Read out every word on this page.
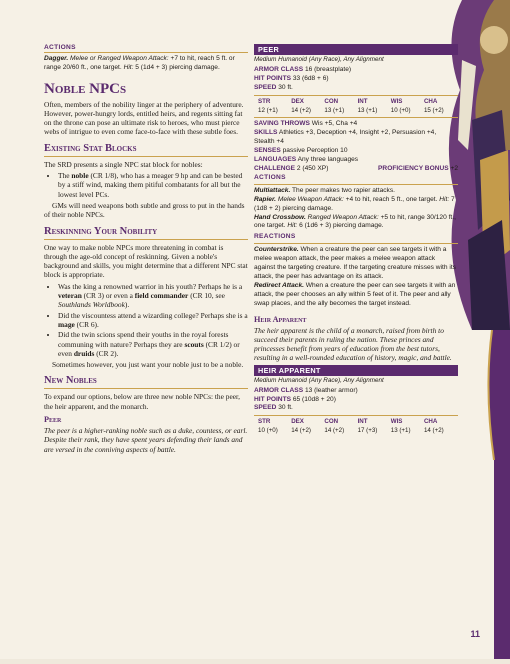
ACTIONS

Dagger. Melee or Ranged Weapon Attack: +7 to hit, reach 5 ft. or range 20/60 ft., one target. Hit: 5 (1d4 + 3) piercing damage.

Noble NPCs

Often, members of the nobility linger at the periphery of adventure. However, power-hungry lords, entitled heirs, and regents sitting fat on the throne can pose an ultimate risk to heroes, who must pierce webs of intrigue to even come face-to-face with these subtle foes.

Existing Stat Blocks

The SRD presents a single NPC stat block for nobles:

• The noble (CR 1/8), who has a meager 9 hp and can be bested by a stiff wind, making them pitiful combatants for all but the lowest level PCs.

GMs will need weapons both subtle and gross to put in the hands of their noble NPCs.

Reskinning Your Nobility

One way to make noble NPCs more threatening in combat is through the age-old concept of reskinning. Given a noble's background and skills, you might determine that a different NPC stat block is appropriate.

• Was the king a renowned warrior in his youth? Perhaps he is a veteran (CR 3) or even a field commander (CR 10, see Southlands Worldbook).
• Did the viscountess attend a wizarding college? Perhaps she is a mage (CR 6).
• Did the twin scions spend their youths in the royal forests communing with nature? Perhaps they are scouts (CR 1/2) or even druids (CR 2).

Sometimes however, you just want your noble just to be a noble.

New Nobles

To expand our options, below are three new noble NPCs: the peer, the heir apparent, and the monarch.

Peer

The peer is a higher-ranking noble such as a duke, countess, or earl. Despite their rank, they have spent years defending their lands and are versed in the conniving aspects of battle.

PEER
Medium Humanoid (Any Race), Any Alignment
ARMOR CLASS 16 (breastplate)
HIT POINTS 33 (6d8 + 6)
SPEED 30 ft.
STR	DEX	CON	INT	WIS	CHA
12 (+1)	14 (+2)	13 (+1)	13 (+1)	10 (+0)	15 (+2)
SAVING THROWS Wis +5, Cha +4
SKILLS Athletics +3, Deception +4, Insight +2, Persuasion +4, Stealth +4
SENSES passive Perception 10
LANGUAGES Any three languages
CHALLENGE 2 (450 XP)	PROFICIENCY BONUS +2
ACTIONS
Multiattack. The peer makes two rapier attacks.
Rapier. Melee Weapon Attack: +4 to hit, reach 5 ft., one target. Hit: 7 (1d8 + 2) piercing damage.
Hand Crossbow. Ranged Weapon Attack: +5 to hit, range 30/120 ft., one target. Hit: 6 (1d6 + 3) piercing damage.
REACTIONS
Counterstrike. When a creature the peer can see targets it with a melee weapon attack, the peer makes a melee weapon attack against the targeting creature. If the targeting creature misses with its attack, the peer has advantage on its attack.
Redirect Attack. When a creature the peer can see targets it with an attack, the peer chooses an ally within 5 feet of it. The peer and ally swap places, and the ally becomes the target instead.
Heir Apparent

The heir apparent is the child of a monarch, raised from birth to succeed their parents in ruling the nation. These princes and princesses benefit from years of education from the best tutors, resulting in a well-rounded education of history, magic, and battle.

HEIR APPARENT
Medium Humanoid (Any Race), Any Alignment
ARMOR CLASS 13 (leather armor)
HIT POINTS 65 (10d8 + 20)
SPEED 30 ft.
STR	DEX	CON	INT	WIS	CHA
10 (+0)	14 (+2)	14 (+2)	17 (+3)	13 (+1)	14 (+2)
11
